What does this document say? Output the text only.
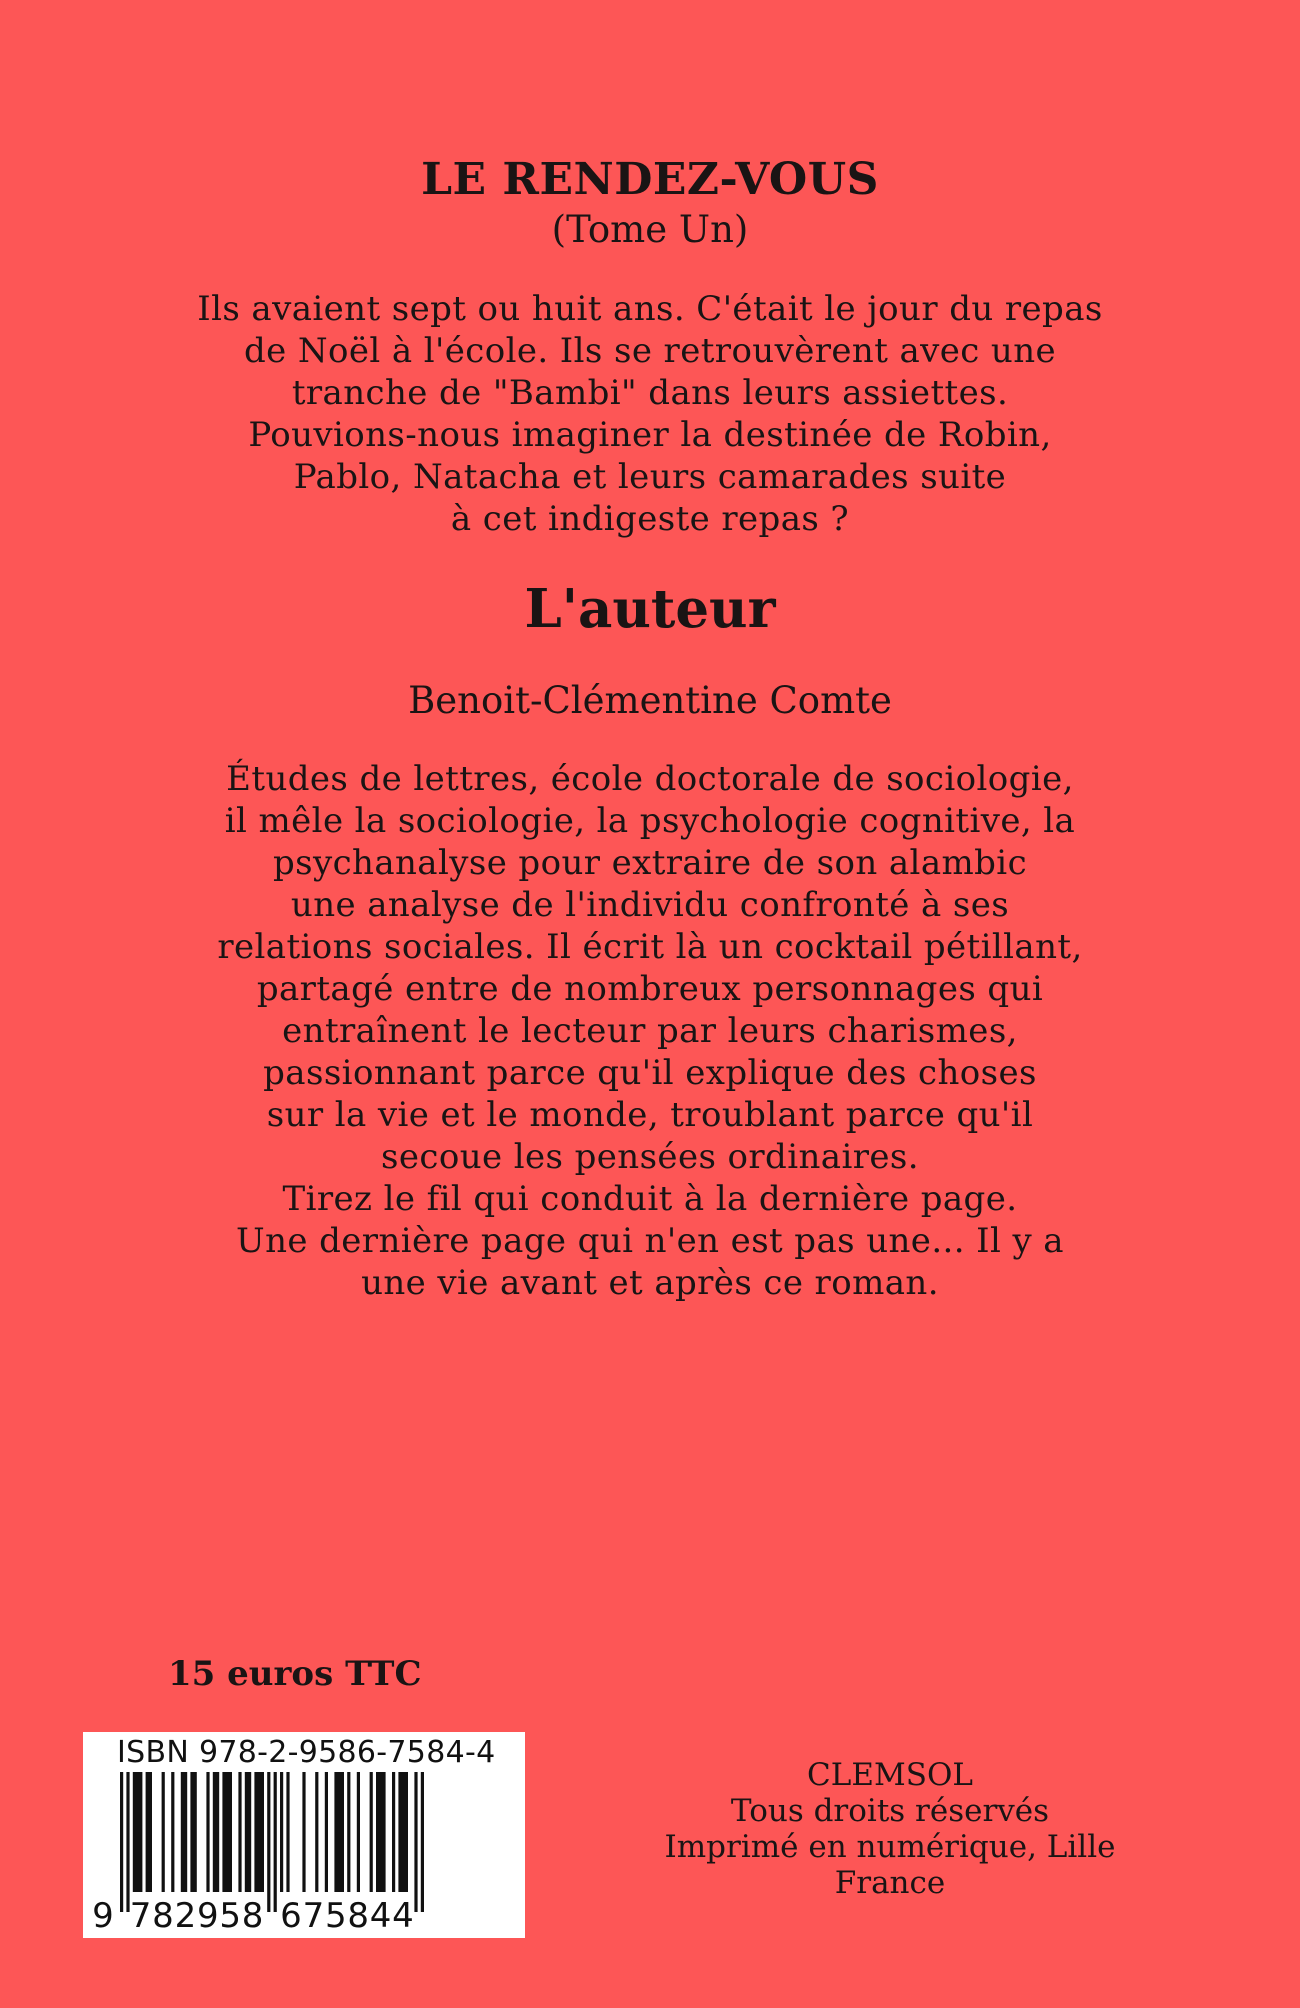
LE RENDEZ-VOUS
(Tome Un)
Ils avaient sept ou huit ans. C'était le jour du repas
de Noël à l'école. Ils se retrouvèrent avec une
tranche de "Bambi" dans leurs assiettes.
Pouvions-nous imaginer la destinée de Robin,
Pablo, Natacha et leurs camarades suite
à cet indigeste repas ?
L'auteur
Benoit-Clémentine Comte
Études de lettres, école doctorale de sociologie,
il mêle la sociologie, la psychologie cognitive, la
psychanalyse pour extraire de son alambic
une analyse de l'individu confronté à ses
relations sociales. Il écrit là un cocktail pétillant,
partagé entre de nombreux personnages qui
entraînent le lecteur par leurs charismes,
passionnant parce qu'il explique des choses
sur la vie et le monde, troublant parce qu'il
secoue les pensées ordinaires.
Tirez le fil qui conduit à la dernière page.
Une dernière page qui n'en est pas une... Il y a
une vie avant et après ce roman.
15 euros TTC
ISBN 978-2-9586-7584-4
9 7 8 2 9 5 8 6 7 5 8 4 4
CLEMSOL
Tous droits réservés
Imprimé en numérique, Lille
France
